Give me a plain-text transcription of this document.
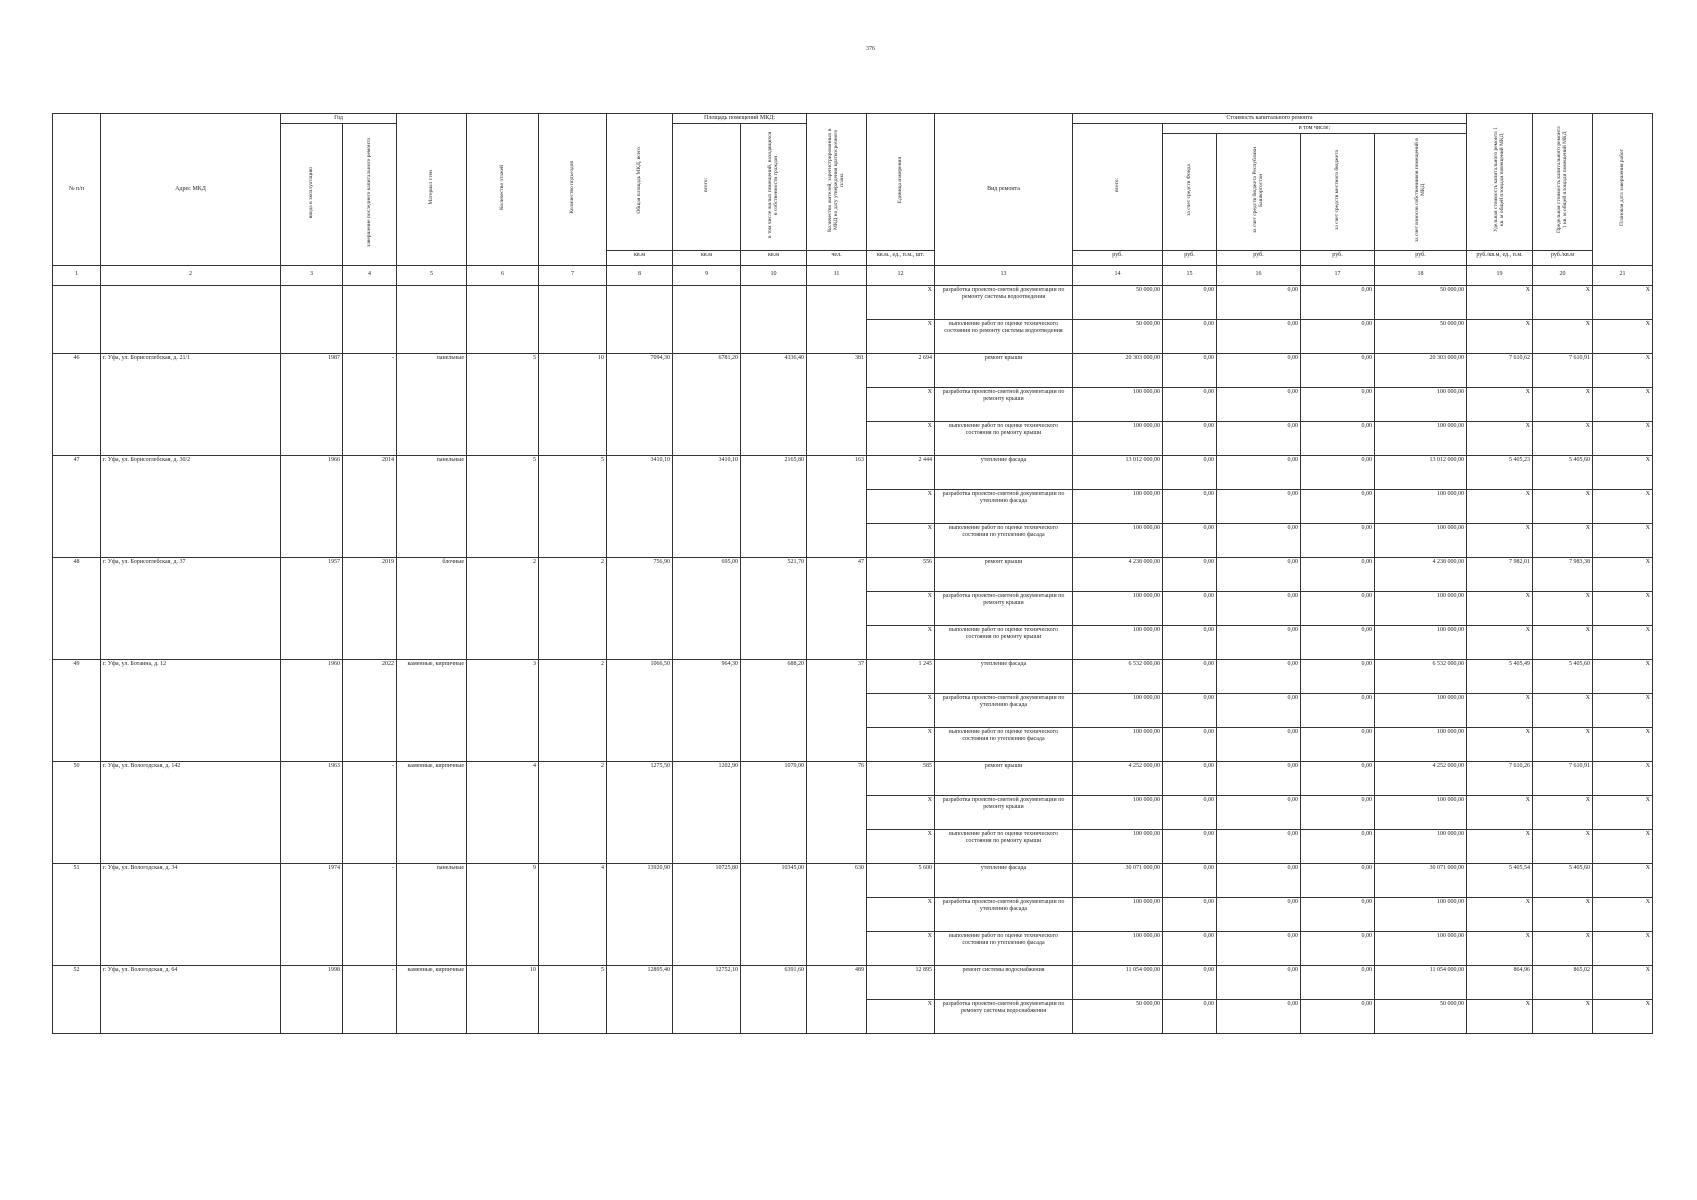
376
№ п/п	Адрес МКД	Год		Материал стен	Количество этажей	Количество подъездов	Общая площадь МКД, всего	Площадь помещений МКД:		Количество жителей, зарегистрированных в МКД на дату утверждения краткосрочного плана	Единица измерения	Вид ремонта	Стоимость капитального ремонта					Удельная стоимость капитального ремонта 1 кв. м общей площади помещений МКД	Предельная стоимость капитального ремонта 1 кв. м общей площади помещений МКД	Плановая дата завершения работ
		ввода в эксплуатацию	завершение последнего капитального ремонта					всего:	в том числе жилых помещений, находящихся в собственности граждан				всего:	в том числе:						
														за счет средств Фонда	за счет средств бюджета Республики Башкортостан	за счет средств местного бюджета	за счет взносов собственников помещений в МКД			
							кв.м	кв.м	кв.м	чел.	кв.м., ед., п.м., шт.		руб.	руб.	руб.	руб.	руб.	руб./кв.м, ед., п.м.	руб./кв.м	
1	2	3	4	5	6	7	8	9	10	11	12	13	14	15	16	17	18	19	20	21
											X	разработка проектно-сметной документации по ремонту системы водоотведения	50 000,00	0,00	0,00	0,00	50 000,00	X	X	X
											X	выполнение работ по оценке технического состояния по ремонту системы водоотведения	50 000,00	0,00	0,00	0,00	50 000,00	X	X	X
46	г. Уфа, ул. Борисоглебская, д. 21/1	1987	-	панельные	5	10	7094,30	6781,20	4336,40	381	2 694	ремонт крыши	20 303 000,00	0,00	0,00	0,00	20 303 000,00	7 610,62	7 610,91	X
											X	разработка проектно-сметной документации по ремонту крыши	100 000,00	0,00	0,00	0,00	100 000,00	X	X	X
											X	выполнение работ по оценке технического состояния по ремонту крыши	100 000,00	0,00	0,00	0,00	100 000,00	X	X	X
47	г. Уфа, ул. Борисоглебская, д. 30/2	1966	2014	панельные	5	5	3410,10	3410,10	2165,80	163	2 444	утепление фасада	13 012 000,00	0,00	0,00	0,00	13 012 000,00	5 405,23	5 405,60	X
											X	разработка проектно-сметной документации по утеплению фасада	100 000,00	0,00	0,00	0,00	100 000,00	X	X	X
											X	выполнение работ по оценке технического состояния по утеплению фасада	100 000,00	0,00	0,00	0,00	100 000,00	X	X	X
48	г. Уфа, ул. Борисоглебская, д. 37	1957	2019	блочные	2	2	756,90	695,00	521,70	47	556	ремонт крыши	4 238 000,00	0,00	0,00	0,00	4 238 000,00	7 982,01	7 983,38	X
											X	разработка проектно-сметной документации по ремонту крыши	100 000,00	0,00	0,00	0,00	100 000,00	X	X	X
											X	выполнение работ по оценке технического состояния по ремонту крыши	100 000,00	0,00	0,00	0,00	100 000,00	X	X	X
49	г. Уфа, ул. Ботаина, д. 12	1960	2022	каменные, кирпичные	3	2	1066,50	964,30	688,20	37	1 245	утепление фасада	6 532 000,00	0,00	0,00	0,00	6 532 000,00	5 405,49	5 405,60	X
											X	разработка проектно-сметной документации по утеплению фасада	100 000,00	0,00	0,00	0,00	100 000,00	X	X	X
											X	выполнение работ по оценке технического состояния по утеплению фасада	100 000,00	0,00	0,00	0,00	100 000,00	X	X	X
50	г. Уфа, ул. Вологодская, д. 142	1963	-	каменные, кирпичные	4	2	1275,50	1202,90	1079,00	76	585	ремонт крыши	4 252 000,00	0,00	0,00	0,00	4 252 000,00	7 610,26	7 610,91	X
											X	разработка проектно-сметной документации по ремонту крыши	100 000,00	0,00	0,00	0,00	100 000,00	X	X	X
											X	выполнение работ по оценке технического состояния по ремонту крыши	100 000,00	0,00	0,00	0,00	100 000,00	X	X	X
51	г. Уфа, ул. Вологодская, д. 34	1974	-	панельные	9	4	13920,90	10725,80	10345,00	630	5 600	утепление фасада	30 071 000,00	0,00	0,00	0,00	30 071 000,00	5 405,54	5 405,60	X
											X	разработка проектно-сметной документации по утеплению фасада	100 000,00	0,00	0,00	0,00	100 000,00	X	X	X
											X	выполнение работ по оценке технического состояния по утеплению фасада	100 000,00	0,00	0,00	0,00	100 000,00	X	X	X
52	г. Уфа, ул. Вологодская, д. 64	1998	-	каменные, кирпичные	10	5	12895,40	12752,10	6391,60	489	12 895	ремонт системы водоснабжения	11 054 000,00	0,00	0,00	0,00	11 054 000,00	864,96	865,02	X
											X	разработка проектно-сметной документации по ремонту системы водоснабжения	50 000,00	0,00	0,00	0,00	50 000,00	X	X	X
